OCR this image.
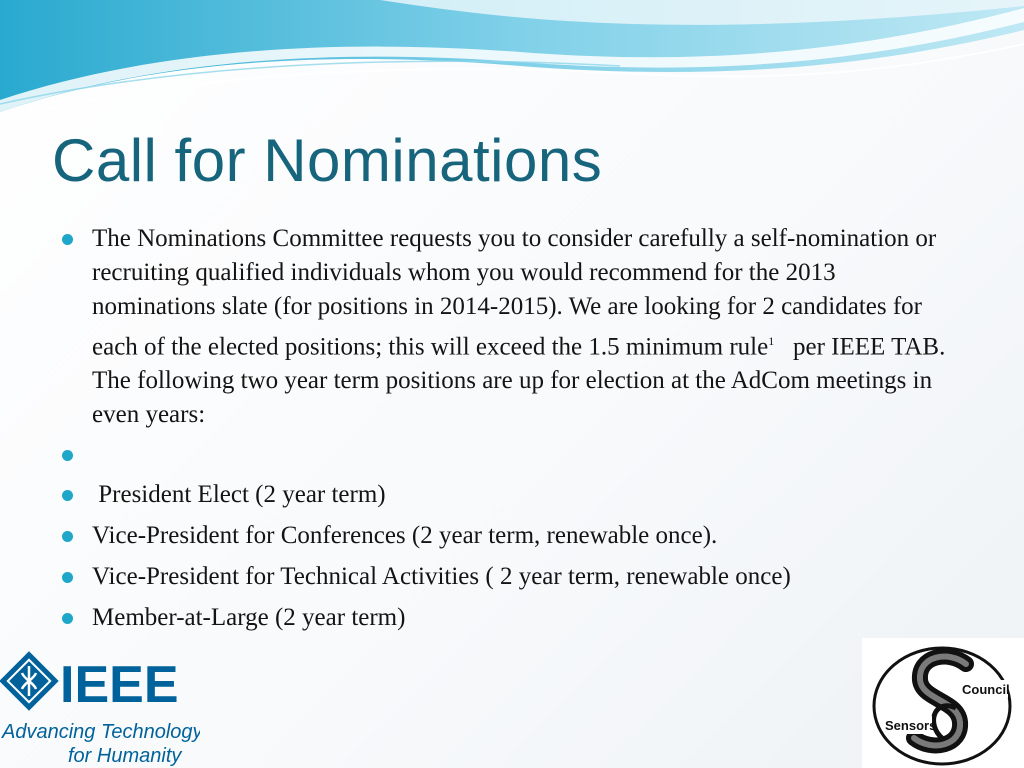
Call for Nominations
The Nominations Committee requests you to consider carefully a self-nomination or recruiting qualified individuals whom you would recommend for the 2013 nominations slate (for positions in 2014-2015). We are looking for 2 candidates for each of the elected positions; this will exceed the 1.5 minimum rule$^1$   per IEEE TAB.  The following two year term positions are up for election at the AdCom meetings in even years:
President Elect (2 year term)
Vice-President for Conferences (2 year term, renewable once).
Vice-President for Technical Activities ( 2 year term, renewable once)
Member-at-Large (2 year term)
IEEE
Advancing Technology
for Humanity
Council
Sensors
